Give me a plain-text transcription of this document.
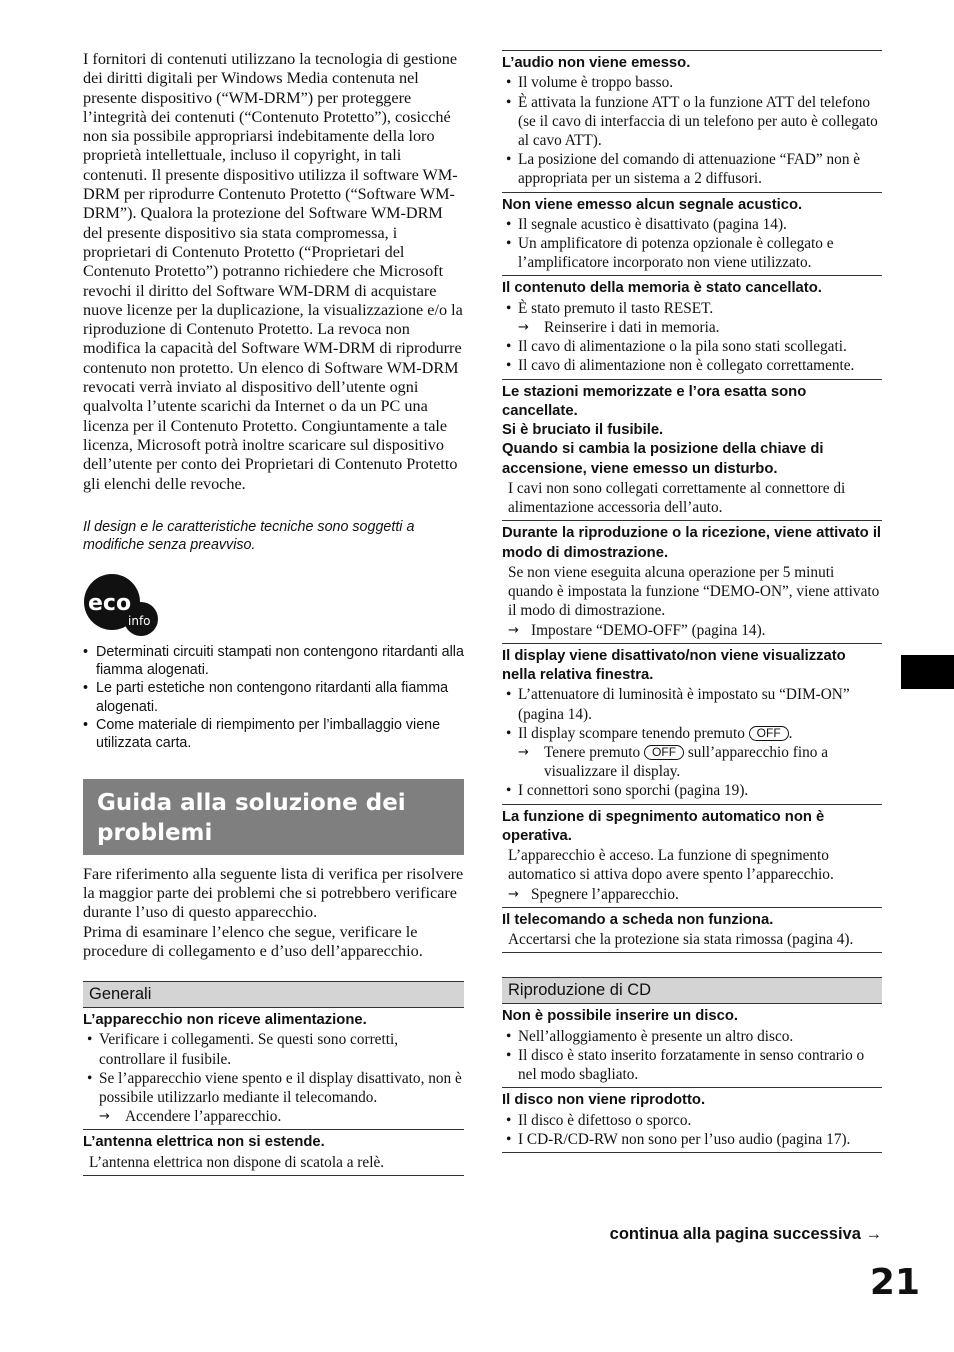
I fornitori di contenuti utilizzano la tecnologia di gestione dei diritti digitali per Windows Media contenuta nel presente dispositivo (“WM-DRM”) per proteggere l’integrità dei contenuti (“Contenuto Protetto”), cosicché non sia possibile appropriarsi indebitamente della loro proprietà intellettuale, incluso il copyright, in tali contenuti. Il presente dispositivo utilizza il software WM-DRM per riprodurre Contenuto Protetto (“Software WM-DRM”). Qualora la protezione del Software WM-DRM del presente dispositivo sia stata compromessa, i proprietari di Contenuto Protetto (“Proprietari del Contenuto Protetto”) potranno richiedere che Microsoft revochi il diritto del Software WM-DRM di acquistare nuove licenze per la duplicazione, la visualizzazione e/o la riproduzione di Contenuto Protetto. La revoca non modifica la capacità del Software WM-DRM di riprodurre contenuto non protetto. Un elenco di Software WM-DRM revocati verrà inviato al dispositivo dell’utente ogni qualvolta l’utente scarichi da Internet o da un PC una licenza per il Contenuto Protetto. Congiuntamente a tale licenza, Microsoft potrà inoltre scaricare sul dispositivo dell’utente per conto dei Proprietari di Contenuto Protetto gli elenchi delle revoche.

Il design e le caratteristiche tecniche sono soggetti a modifiche senza preavviso.

eco
info
• Determinati circuiti stampati non contengono ritardanti alla fiamma alogenati.
• Le parti estetiche non contengono ritardanti alla fiamma alogenati.
• Come materiale di riempimento per l’imballaggio viene utilizzata carta.
Guida alla soluzione dei problemi

Fare riferimento alla seguente lista di verifica per risolvere la maggior parte dei problemi che si potrebbero verificare durante l’uso di questo apparecchio.

Prima di esaminare l’elenco che segue, verificare le procedure di collegamento e d’uso dell’apparecchio.

Generali

L’apparecchio non riceve alimentazione.

• Verificare i collegamenti. Se questi sono corretti, controllare il fusibile.
• Se l’apparecchio viene spento e il display disattivato, non è possibile utilizzarlo mediante il telecomando.
→ Accendere l’apparecchio.

L’antenna elettrica non si estende.

L’antenna elettrica non dispone di scatola a relè.

L’audio non viene emesso.

• Il volume è troppo basso.
• È attivata la funzione ATT o la funzione ATT del telefono (se il cavo di interfaccia di un telefono per auto è collegato al cavo ATT).
• La posizione del comando di attenuazione “FAD” non è appropriata per un sistema a 2 diffusori.

Non viene emesso alcun segnale acustico.

• Il segnale acustico è disattivato (pagina 14).
• Un amplificatore di potenza opzionale è collegato e l’amplificatore incorporato non viene utilizzato.

Il contenuto della memoria è stato cancellato.

• È stato premuto il tasto RESET.
→ Reinserire i dati in memoria.
• Il cavo di alimentazione o la pila sono stati scollegati.
• Il cavo di alimentazione non è collegato correttamente.

Le stazioni memorizzate e l’ora esatta sono cancellate.

Si è bruciato il fusibile.

Quando si cambia la posizione della chiave di accensione, viene emesso un disturbo.

I cavi non sono collegati correttamente al connettore di alimentazione accessoria dell’auto.

Durante la riproduzione o la ricezione, viene attivato il modo di dimostrazione.

Se non viene eseguita alcuna operazione per 5 minuti quando è impostata la funzione “DEMO-ON”, viene attivato il modo di dimostrazione.
→ Impostare “DEMO-OFF” (pagina 14).

Il display viene disattivato/non viene visualizzato nella relativa finestra.

• L’attenuatore di luminosità è impostato su “DIM-ON” (pagina 14).
• Il display scompare tenendo premuto OFF .
→ Tenere premuto OFF sull’apparecchio fino a visualizzare il display.
• I connettori sono sporchi (pagina 19).

La funzione di spegnimento automatico non è operativa.

L’apparecchio è acceso. La funzione di spegnimento automatico si attiva dopo avere spento l’apparecchio.
→ Spegnere l’apparecchio.

Il telecomando a scheda non funziona.

Accertarsi che la protezione sia stata rimossa (pagina 4).
Riproduzione di CD

Non è possibile inserire un disco.

• Nell’alloggiamento è presente un altro disco.
• Il disco è stato inserito forzatamente in senso contrario o nel modo sbagliato.

Il disco non viene riprodotto.

• Il disco è difettoso o sporco.
• I CD-R/CD-RW non sono per l’uso audio (pagina 17).
continua alla pagina successiva →
21
